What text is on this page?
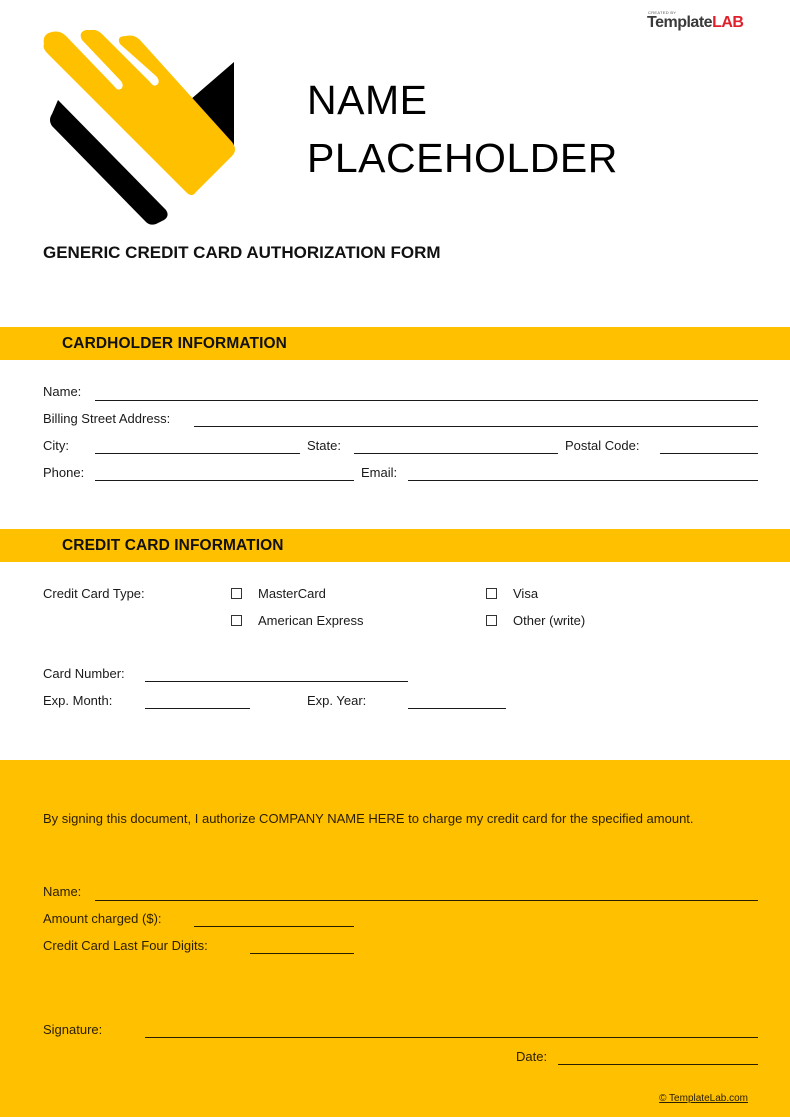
CREATED BY
TemplateLAB
NAME
PLACEHOLDER
GENERIC CREDIT CARD AUTHORIZATION FORM
CARDHOLDER INFORMATION
Name:
Billing Street Address:
City:	State:	Postal Code:
Phone:	Email:
CREDIT CARD INFORMATION
Credit Card Type:	MasterCard	Visa
American Express	Other (write)
Card Number:
Exp. Month:	Exp. Year:
By signing this document, I authorize COMPANY NAME HERE to charge my credit card for the specified amount.
Name:
Amount charged ($):
Credit Card Last Four Digits:
Signature:
Date:
© TemplateLab.com
